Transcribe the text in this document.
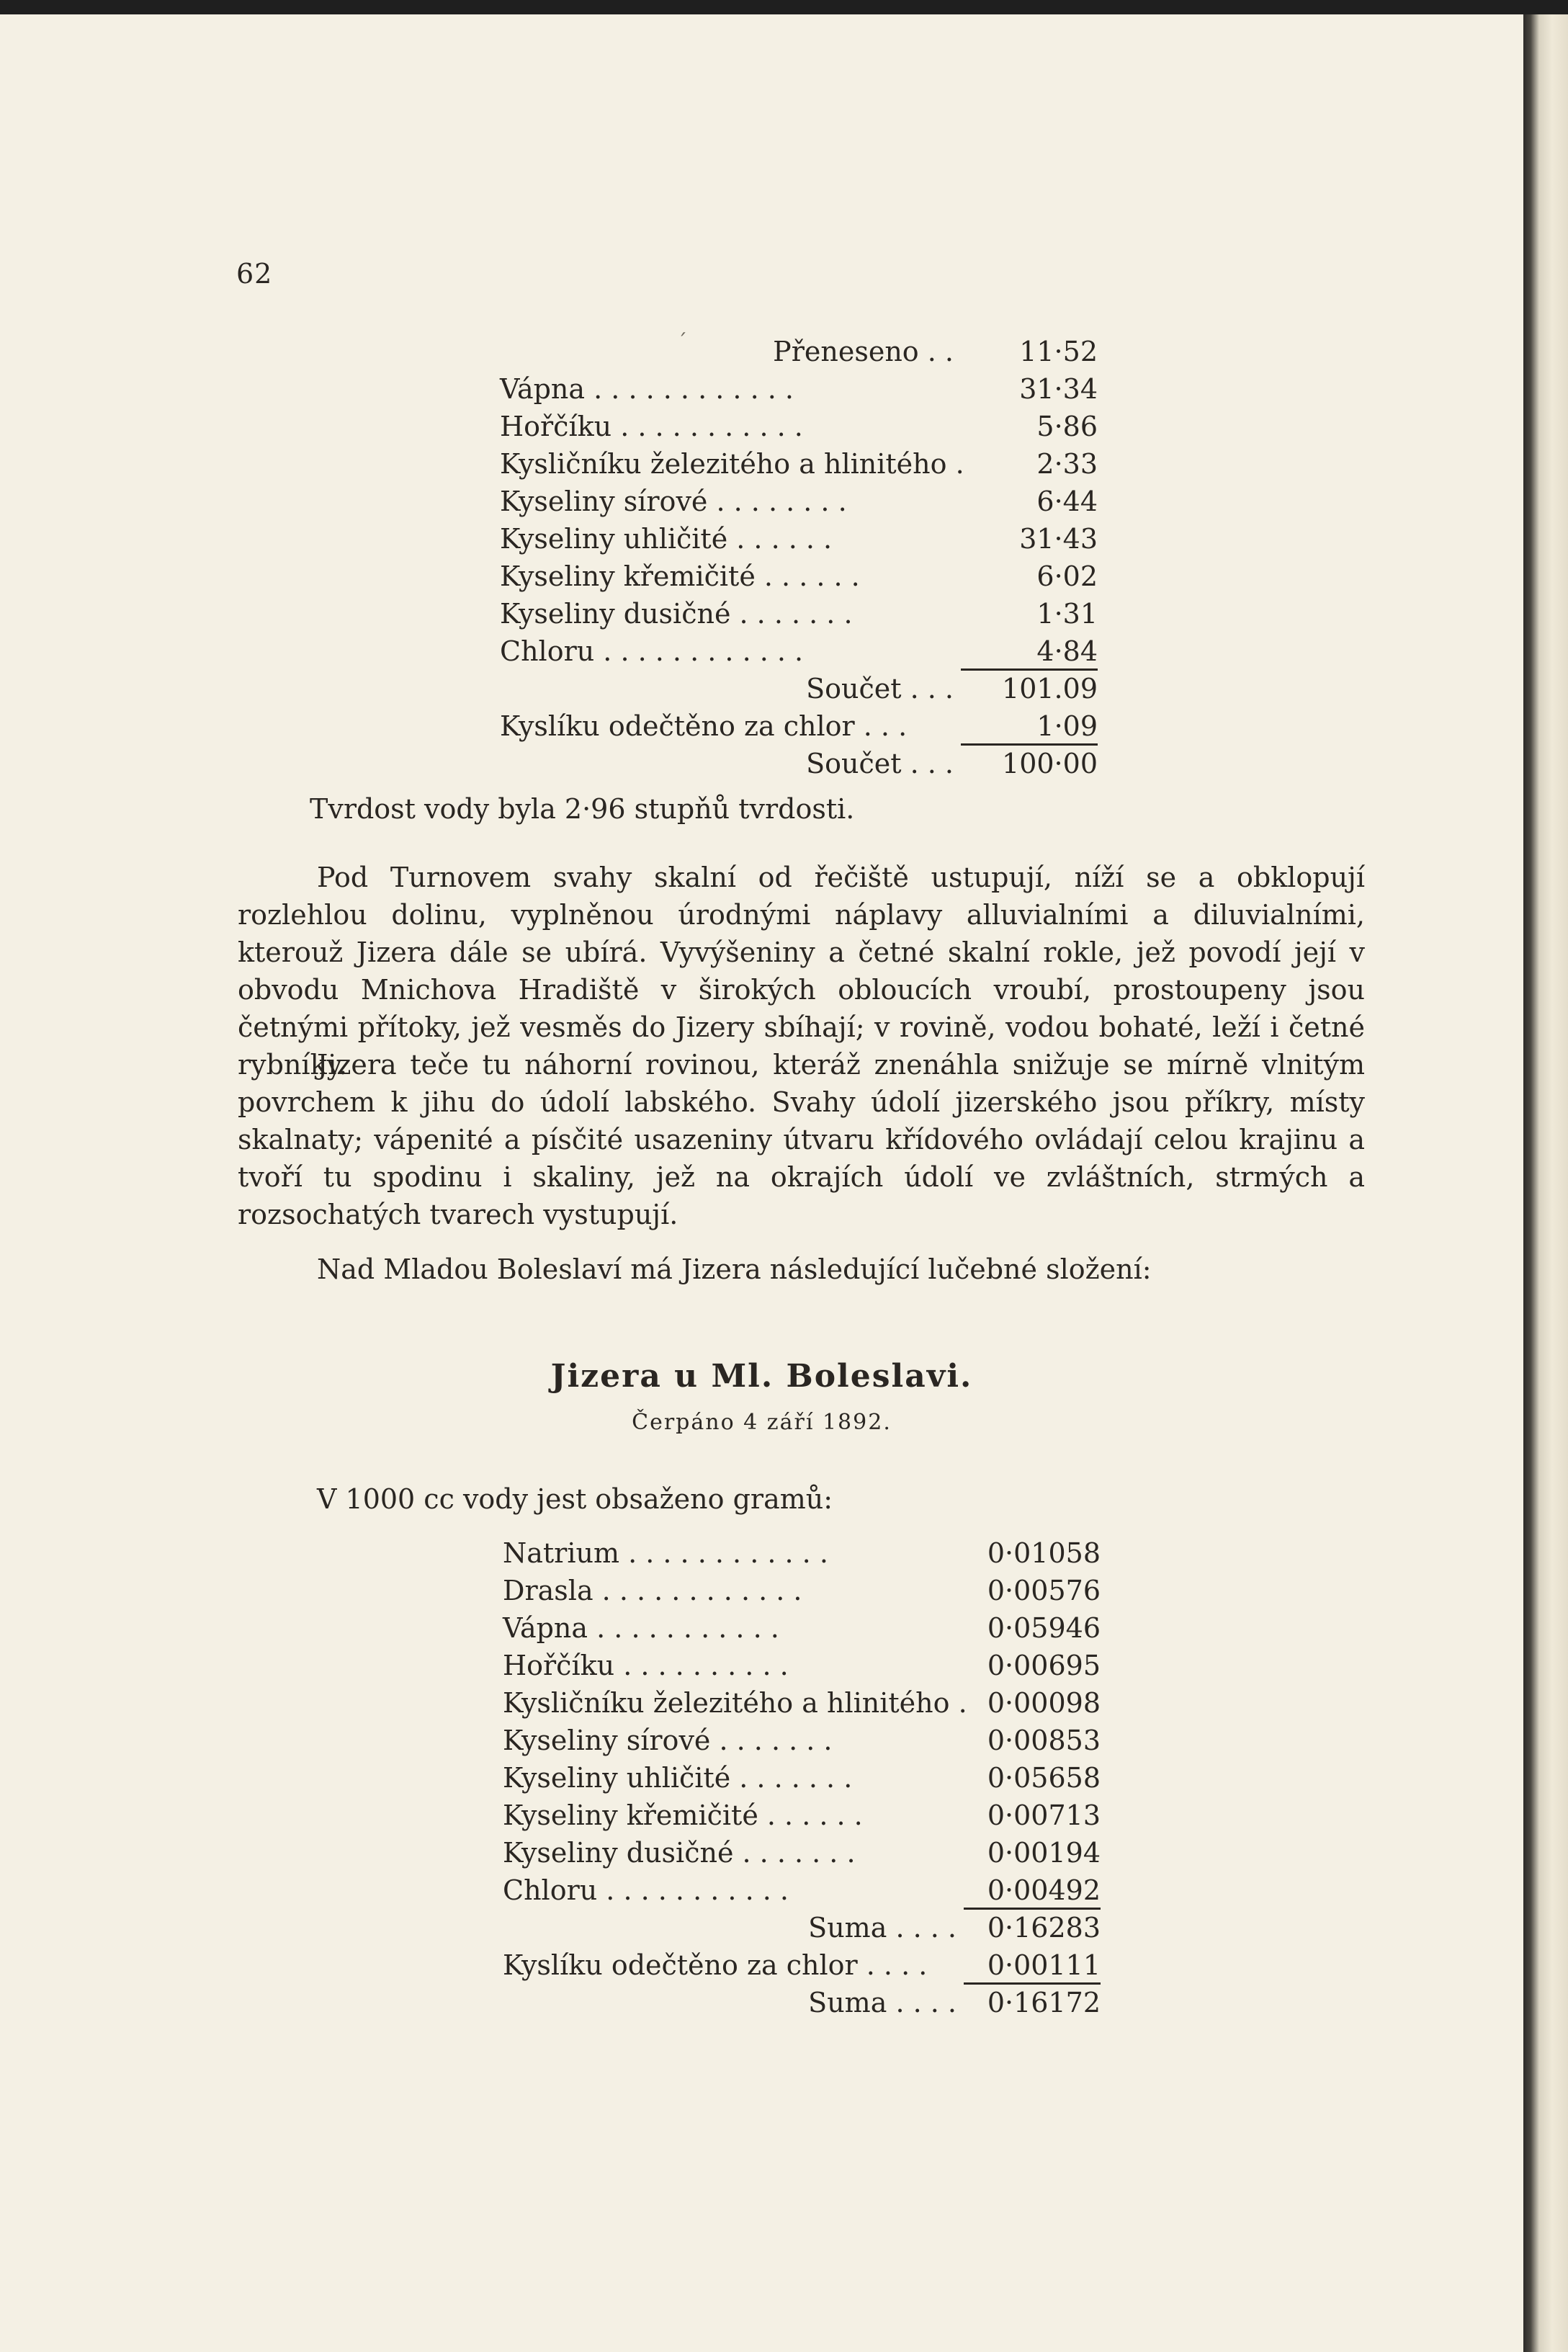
62
Přeneseno . .	11·52
Vápna . . . . . . . . . . . .	31·34
Hořčíku . . . . . . . . . . .	5·86
Kysličníku železitého a hlinitého .	2·33
Kyseliny sírové . . . . . . . .	6·44
Kyseliny uhličité . . . . . .	31·43
Kyseliny křemičité . . . . . .	6·02
Kyseliny dusičné . . . . . . .	1·31
Chloru . . . . . . . . . . . .	4·84
Součet . . .	101.09
Kyslíku odečtěno za chlor . . .	1·09
Součet . . .	100·00
´
Tvrdost vody byla 2·96 stupňů tvrdosti.

Pod Turnovem svahy skalní od řečiště ustupují, níží se a obklopují rozlehlou dolinu, vyplněnou úrodnými náplavy alluvialními a diluvialními, kterouž Jizera dále se ubírá. Vyvýšeniny a četné skalní rokle, jež povodí její v obvodu Mnichova Hradiště v širokých obloucích vroubí, prostoupeny jsou četnými přítoky, jež vesměs do Jizery sbíhají; v rovině, vodou bohaté, leží i četné rybníky.

Jizera teče tu náhorní rovinou, kteráž znenáhla snižuje se mírně vlnitým povrchem k jihu do údolí labského. Svahy údolí jizerského jsou příkry, místy skalnaty; vápenité a písčité usazeniny útvaru křídového ovládají celou krajinu a tvoří tu spodinu i skaliny, jež na okrajích údolí ve zvláštních, strmých a rozsochatých tvarech vystupují.

Nad Mladou Boleslaví má Jizera následující lučebné složení:

Jizera u Ml. Boleslavi.
Čerpáno 4 září 1892.
V 1000 cc vody jest obsaženo gramů:
Natrium . . . . . . . . . . . .	0·01058
Drasla . . . . . . . . . . . .	0·00576
Vápna . . . . . . . . . . .	0·05946
Hořčíku . . . . . . . . . .	0·00695
Kysličníku železitého a hlinitého . 0·00098
Kyseliny sírové . . . . . . .	0·00853
Kyseliny uhličité . . . . . . .	0·05658
Kyseliny křemičité . . . . . .	0·00713
Kyseliny dusičné . . . . . . .	0·00194
Chloru . . . . . . . . . . .	0·00492
Suma . . . .	0·16283
Kyslíku odečtěno za chlor . . . .	0·00111
Suma . . . .	0·16172
